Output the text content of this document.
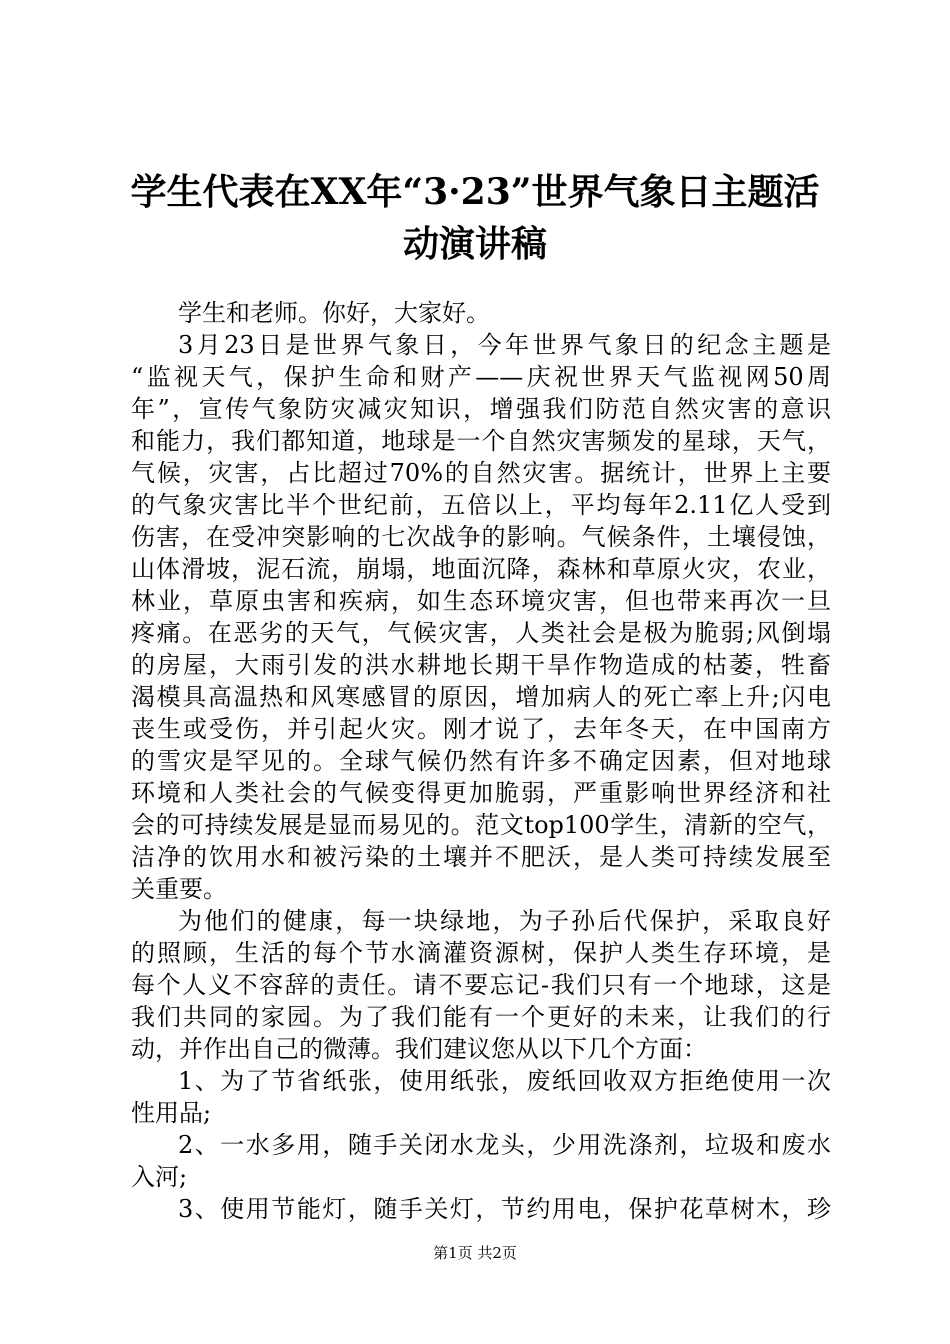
学生代表在XX年“3·23”世界气象日主题活
动演讲稿
学生和老师。你好，大家好。
3月23日是世界气象日，今年世界气象日的纪念主题是
“监视天气，保护生命和财产——庆祝世界天气监视网50周
年”，宣传气象防灾减灾知识，增强我们防范自然灾害的意识
和能力，我们都知道，地球是一个自然灾害频发的星球，天气，
气候，灾害，占比超过70%的自然灾害。据统计，世界上主要
的气象灾害比半个世纪前，五倍以上，平均每年2.11亿人受到
伤害，在受冲突影响的七次战争的影响。气候条件，土壤侵蚀，
山体滑坡，泥石流，崩塌，地面沉降，森林和草原火灾，农业，
林业，草原虫害和疾病，如生态环境灾害，但也带来再次一旦
疼痛。在恶劣的天气，气候灾害，人类社会是极为脆弱;风倒塌
的房屋，大雨引发的洪水耕地长期干旱作物造成的枯萎，牲畜
渴模具高温热和风寒感冒的原因，增加病人的死亡率上升;闪电
丧生或受伤，并引起火灾。刚才说了，去年冬天，在中国南方
的雪灾是罕见的。全球气候仍然有许多不确定因素，但对地球
环境和人类社会的气候变得更加脆弱，严重影响世界经济和社
会的可持续发展是显而易见的。范文top100学生，清新的空气，
洁净的饮用水和被污染的土壤并不肥沃，是人类可持续发展至
关重要。
为他们的健康，每一块绿地，为子孙后代保护，采取良好
的照顾，生活的每个节水滴灌资源树，保护人类生存环境，是
每个人义不容辞的责任。请不要忘记-我们只有一个地球，这是
我们共同的家园。为了我们能有一个更好的未来，让我们的行
动，并作出自己的微薄。我们建议您从以下几个方面：
1、为了节省纸张，使用纸张，废纸回收双方拒绝使用一次
性用品;
2、一水多用，随手关闭水龙头，少用洗涤剂，垃圾和废水
入河;
3、使用节能灯，随手关灯，节约用电，保护花草树木，珍
第1页 共2页
